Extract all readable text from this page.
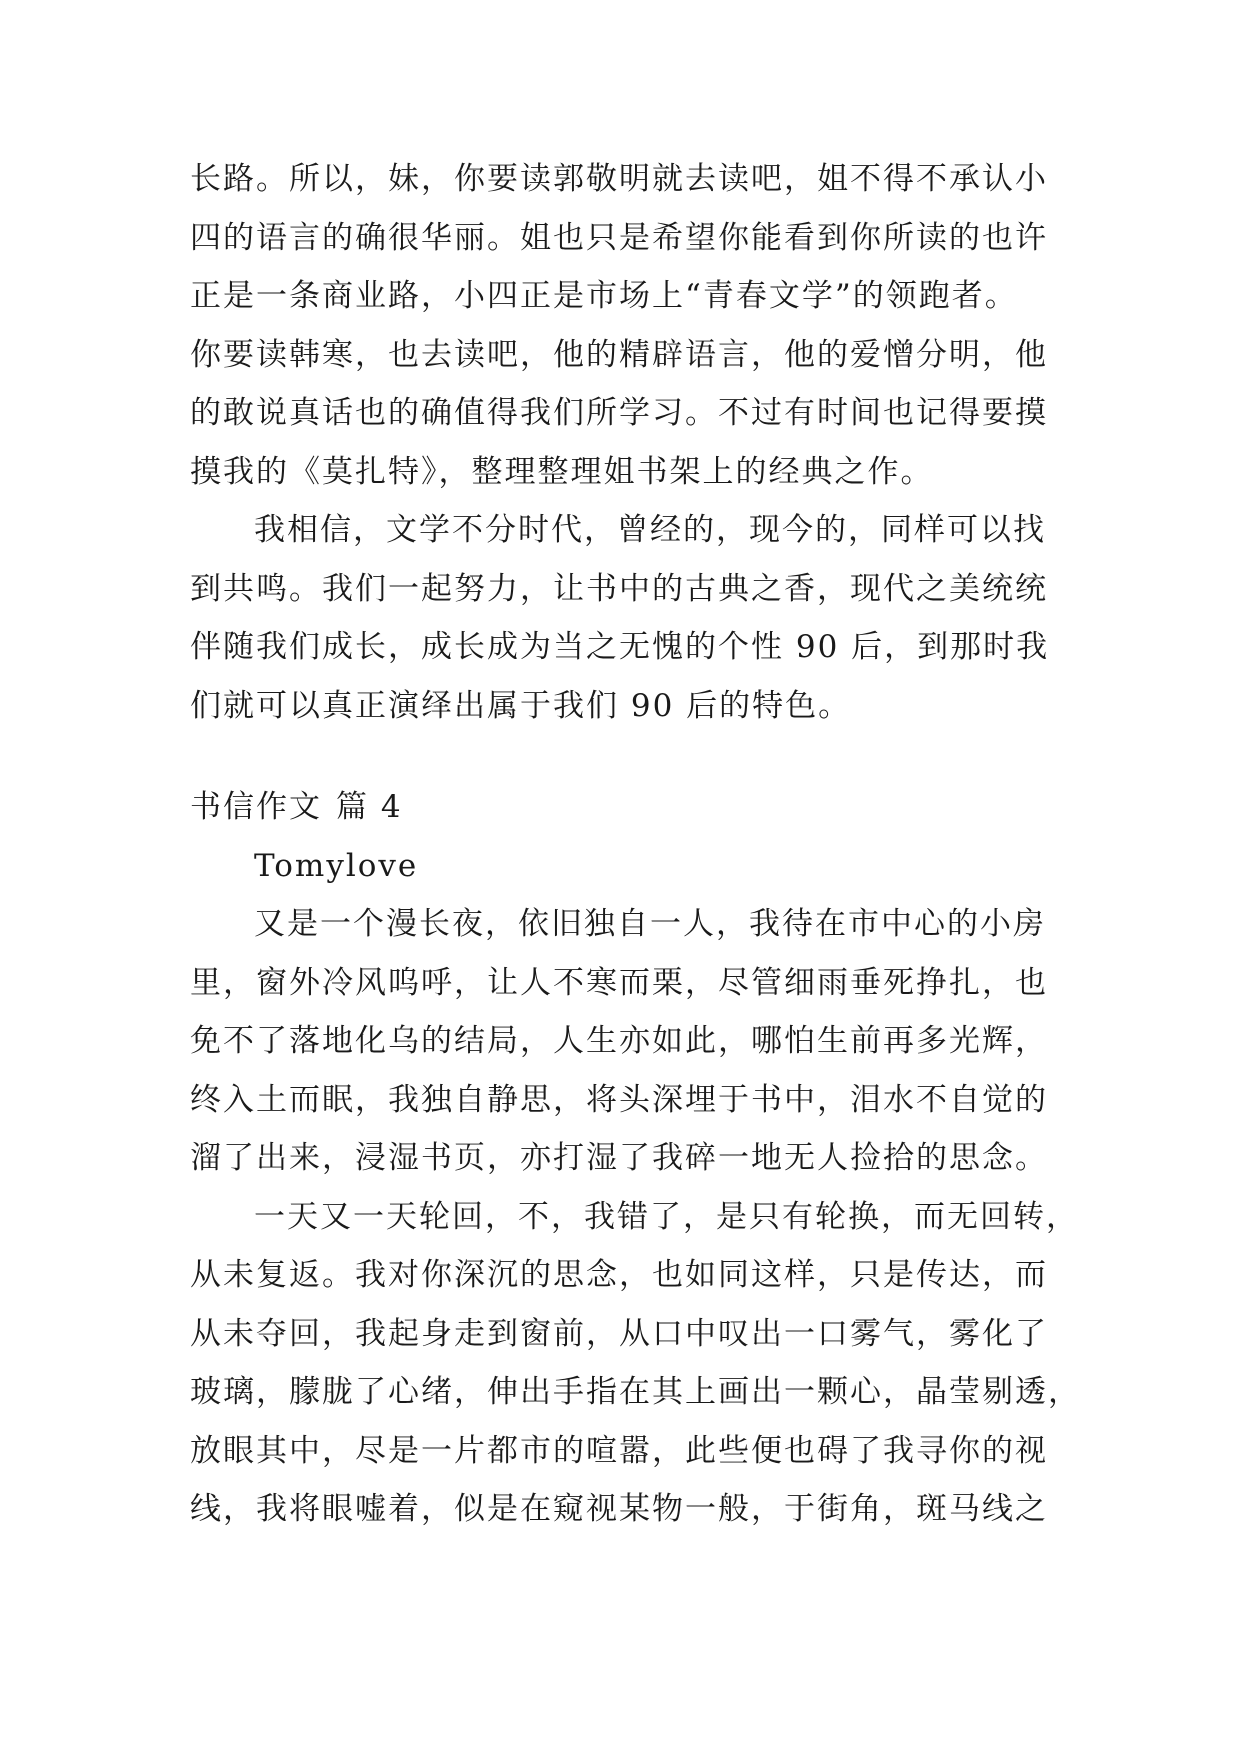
长路。所以，妹，你要读郭敬明就去读吧，姐不得不承认小
四的语言的确很华丽。姐也只是希望你能看到你所读的也许
正是一条商业路，小四正是市场上“青春文学”的领跑者。
你要读韩寒，也去读吧，他的精辟语言，他的爱憎分明，他
的敢说真话也的确值得我们所学习。不过有时间也记得要摸
摸我的《莫扎特》，整理整理姐书架上的经典之作。
我相信，文学不分时代，曾经的，现今的，同样可以找
到共鸣。我们一起努力，让书中的古典之香，现代之美统统
伴随我们成长，成长成为当之无愧的个性 90 后，到那时我
们就可以真正演绎出属于我们 90 后的特色。
书信作文 篇 4
Tomylove
又是一个漫长夜，依旧独自一人，我待在市中心的小房
里，窗外冷风呜呼，让人不寒而栗，尽管细雨垂死挣扎，也
免不了落地化乌的结局，人生亦如此，哪怕生前再多光辉，
终入土而眠，我独自静思，将头深埋于书中，泪水不自觉的
溜了出来，浸湿书页，亦打湿了我碎一地无人捡拾的思念。
一天又一天轮回，不，我错了，是只有轮换，而无回转，
从未复返。我对你深沉的思念，也如同这样，只是传达，而
从未夺回，我起身走到窗前，从口中叹出一口雾气，雾化了
玻璃，朦胧了心绪，伸出手指在其上画出一颗心，晶莹剔透，
放眼其中，尽是一片都市的喧嚣，此些便也碍了我寻你的视
线，我将眼嘘着，似是在窥视某物一般，于街角，斑马线之
